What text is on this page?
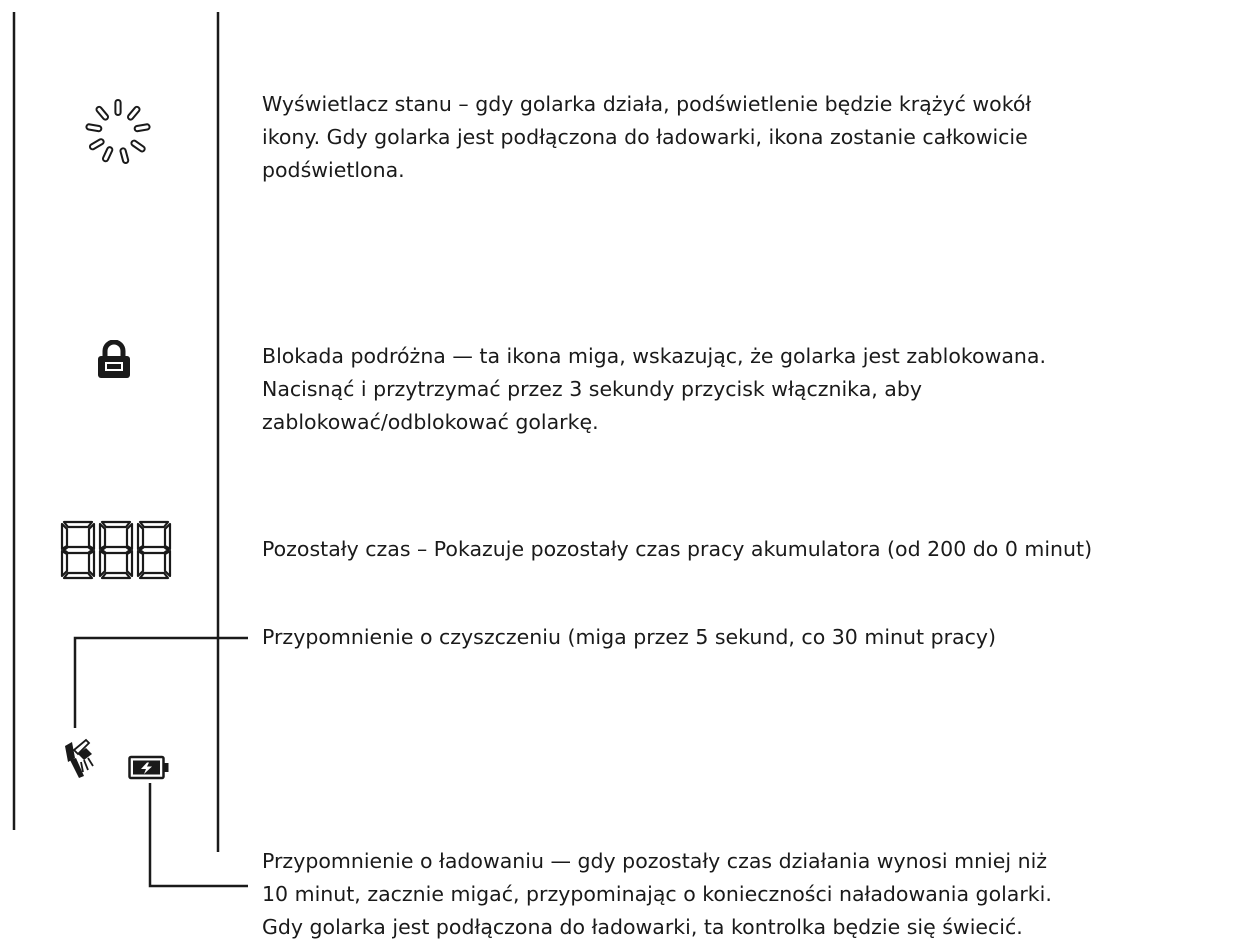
Wyświetlacz stanu – gdy golarka działa, podświetlenie będzie krążyć wokół
ikony. Gdy golarka jest podłączona do ładowarki, ikona zostanie całkowicie
podświetlona.
Blokada podróżna — ta ikona miga, wskazując, że golarka jest zablokowana.
Nacisnąć i przytrzymać przez 3 sekundy przycisk włącznika, aby
zablokować/odblokować golarkę.
Pozostały czas – Pokazuje pozostały czas pracy akumulatora (od 200 do 0 minut)
Przypomnienie o czyszczeniu (miga przez 5 sekund, co 30 minut pracy)
Przypomnienie o ładowaniu — gdy pozostały czas działania wynosi mniej niż
10 minut, zacznie migać, przypominając o konieczności naładowania golarki.
Gdy golarka jest podłączona do ładowarki, ta kontrolka będzie się świecić.
